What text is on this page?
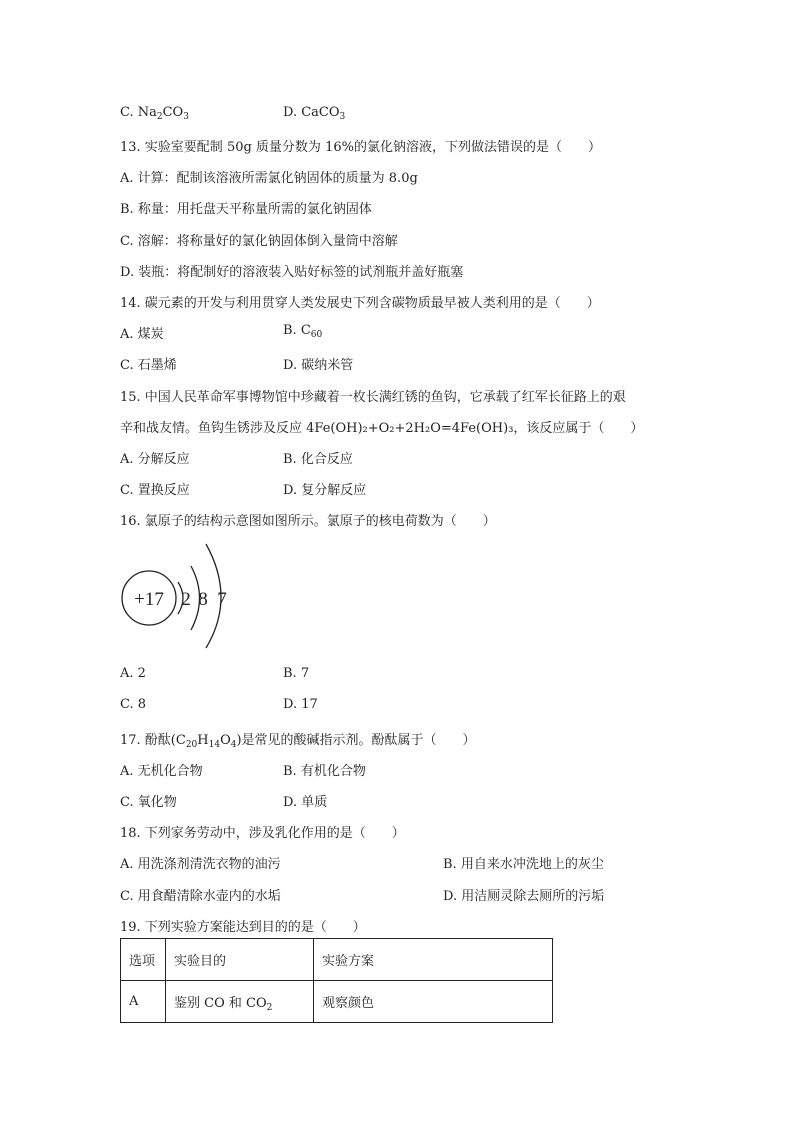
C. $Na_2CO_3$	D. CaCO$_3$
13. 实验室要配制 50g 质量分数为 16%的氯化钠溶液，下列做法错误的是（　　）
A. 计算：配制该溶液所需氯化钠固体的质量为 8.0g
B. 称量：用托盘天平称量所需的氯化钠固体
C. 溶解：将称量好的氯化钠固体倒入量筒中溶解
D. 装瓶：将配制好的溶液装入贴好标签的试剂瓶并盖好瓶塞
14. 碳元素的开发与利用贯穿人类发展史下列含碳物质最早被人类利用的是（　　）
A. 煤炭	B. $C_{60}$
C. 石墨烯	D. 碳纳米管
15. 中国人民革命军事博物馆中珍藏着一枚长满红锈的鱼钩，它承载了红军长征路上的艰
辛和战友情。鱼钩生锈涉及反应 4Fe(OH)₂+O₂+2H₂O=4Fe(OH)₃，该反应属于（　　）
A. 分解反应	B. 化合反应
C. 置换反应	D. 复分解反应
16. 氯原子的结构示意图如图所示。氯原子的核电荷数为（　　）
+17 2 8 7
A. 2	B. 7
C. 8	D. 17
17. 酚酞$(C_{20}H_{14}O_4)$是常见的酸碱指示剂。酚酞属于（　　）
A. 无机化合物	B. 有机化合物
C. 氧化物	D. 单质
18. 下列家务劳动中，涉及乳化作用的是（　　）
A. 用洗涤剂清洗衣物的油污	B. 用自来水冲洗地上的灰尘
C. 用食醋清除水壶内的水垢	D. 用洁厕灵除去厕所的污垢
19. 下列实验方案能达到目的的是（　　）
选项	实验目的	实验方案
A	鉴别 CO 和 $CO_2$	观察颜色
